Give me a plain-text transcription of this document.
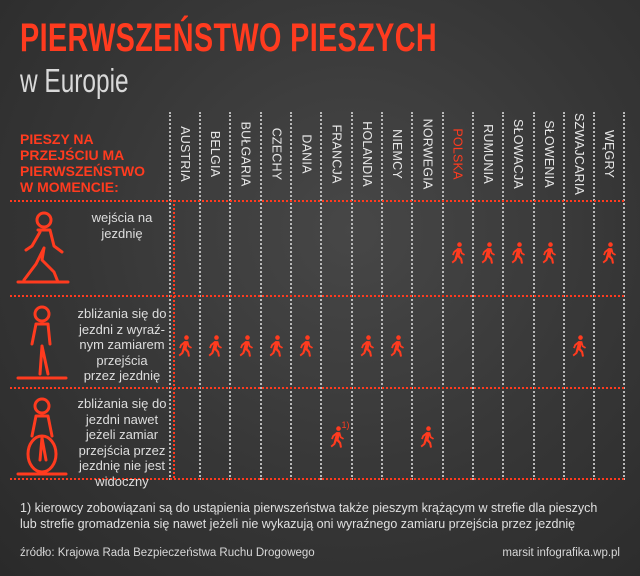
PIERWSZEŃSTWO PIESZYCH
w Europie
PIESZY NA
PRZEJŚCIU MA
PIERWSZEŃSTWO
W MOMENCIE:
AUSTRIA BELGIA BUŁGARIA CZECHY DANIA FRANCJA HOLANDIA NIEMCY NORWEGIA POLSKA RUMUNIA SŁOWACJA SŁOWENIA SZWAJCARIA WĘGRY
wejścia na
jezdnię
zbliżania się do
jezdni z wyraź-
nym zamiarem
przejścia
przez jezdnię
zbliżania się do
jezdni nawet
jeżeli zamiar
przejścia przez
jezdnię nie jest
widoczny
1)
1) kierowcy zobowiązani są do ustąpienia pierwszeństwa także pieszym krążącym w strefie dla pieszych
lub strefie gromadzenia się nawet jeżeli nie wykazują oni wyraźnego zamiaru przejścia przez jezdnię
źródło: Krajowa Rada Bezpieczeństwa Ruchu Drogowego	marsit infografika.wp.pl
